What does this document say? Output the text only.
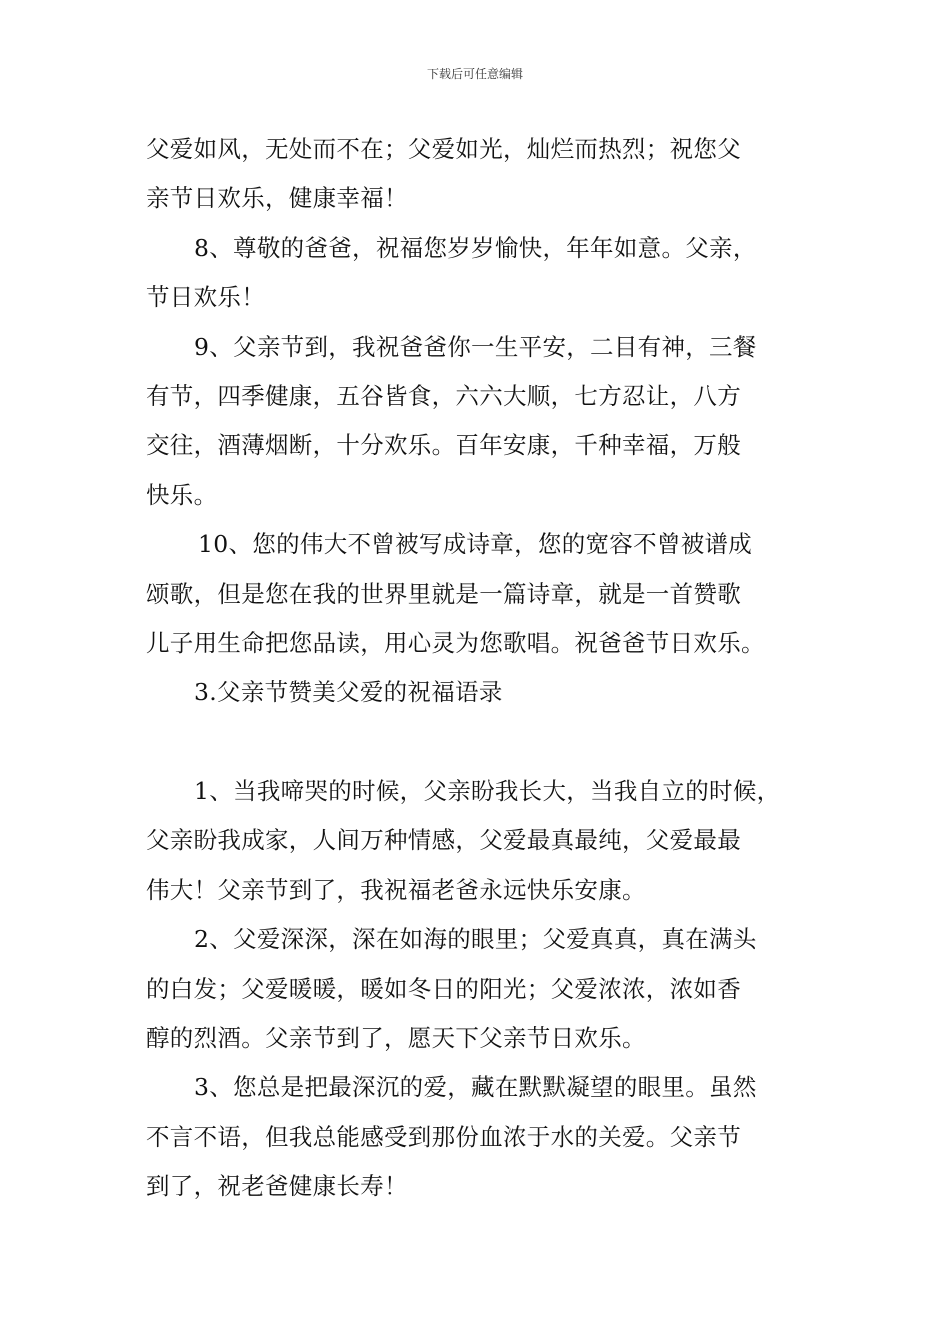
下载后可任意编辑
父爱如风，无处而不在；父爱如光，灿烂而热烈；祝您父
亲节日欢乐，健康幸福！
8、尊敬的爸爸，祝福您岁岁愉快，年年如意。父亲，
节日欢乐！
9、父亲节到，我祝爸爸你一生平安，二目有神，三餐
有节，四季健康，五谷皆食，六六大顺，七方忍让，八方
交往，酒薄烟断，十分欢乐。百年安康，千种幸福，万般
快乐。
10、您的伟大不曾被写成诗章，您的宽容不曾被谱成
颂歌，但是您在我的世界里就是一篇诗章，就是一首赞歌
儿子用生命把您品读，用心灵为您歌唱。祝爸爸节日欢乐。
3.父亲节赞美父爱的祝福语录
1、当我啼哭的时候，父亲盼我长大，当我自立的时候，
父亲盼我成家，人间万种情感，父爱最真最纯，父爱最最
伟大！父亲节到了，我祝福老爸永远快乐安康。
2、父爱深深，深在如海的眼里；父爱真真，真在满头
的白发；父爱暖暖，暖如冬日的阳光；父爱浓浓，浓如香
醇的烈酒。父亲节到了，愿天下父亲节日欢乐。
3、您总是把最深沉的爱，藏在默默凝望的眼里。虽然
不言不语，但我总能感受到那份血浓于水的关爱。父亲节
到了，祝老爸健康长寿！
